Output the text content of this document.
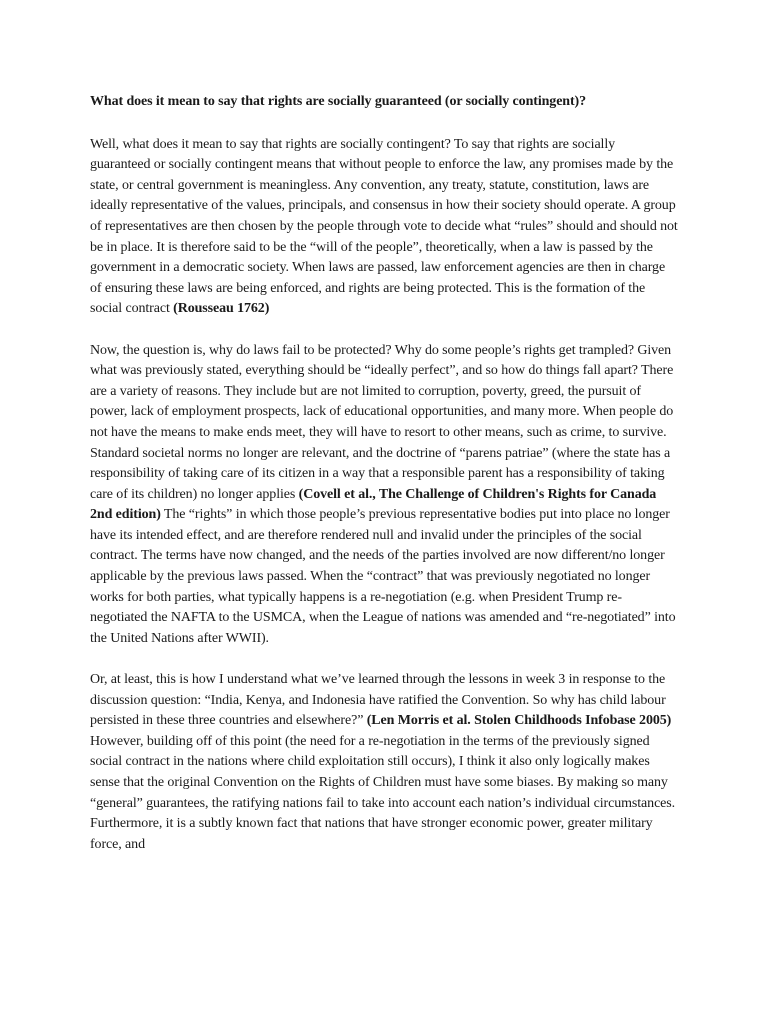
What does it mean to say that rights are socially guaranteed (or socially contingent)?

Well, what does it mean to say that rights are socially contingent? To say that rights are socially guaranteed or socially contingent means that without people to enforce the law, any promises made by the state, or central government is meaningless. Any convention, any treaty, statute, constitution, laws are ideally representative of the values, principals, and consensus in how their society should operate. A group of representatives are then chosen by the people through vote to decide what “rules” should and should not be in place. It is therefore said to be the “will of the people”, theoretically, when a law is passed by the government in a democratic society. When laws are passed, law enforcement agencies are then in charge of ensuring these laws are being enforced, and rights are being protected. This is the formation of the social contract (Rousseau 1762)

Now, the question is, why do laws fail to be protected? Why do some people’s rights get trampled? Given what was previously stated, everything should be “ideally perfect”, and so how do things fall apart? There are a variety of reasons. They include but are not limited to corruption, poverty, greed, the pursuit of power, lack of employment prospects, lack of educational opportunities, and many more. When people do not have the means to make ends meet, they will have to resort to other means, such as crime, to survive. Standard societal norms no longer are relevant, and the doctrine of “parens patriae” (where the state has a responsibility of taking care of its citizen in a way that a responsible parent has a responsibility of taking care of its children) no longer applies (Covell et al., The Challenge of Children's Rights for Canada 2nd edition) The “rights” in which those people’s previous representative bodies put into place no longer have its intended effect, and are therefore rendered null and invalid under the principles of the social contract. The terms have now changed, and the needs of the parties involved are now different/no longer applicable by the previous laws passed. When the “contract” that was previously negotiated no longer works for both parties, what typically happens is a re-negotiation (e.g. when President Trump re-negotiated the NAFTA to the USMCA, when the League of nations was amended and “re-negotiated” into the United Nations after WWII).

Or, at least, this is how I understand what we’ve learned through the lessons in week 3 in response to the discussion question: “India, Kenya, and Indonesia have ratified the Convention. So why has child labour persisted in these three countries and elsewhere?” (Len Morris et al. Stolen Childhoods Infobase 2005) However, building off of this point (the need for a re-negotiation in the terms of the previously signed social contract in the nations where child exploitation still occurs), I think it also only logically makes sense that the original Convention on the Rights of Children must have some biases. By making so many “general” guarantees, the ratifying nations fail to take into account each nation’s individual circumstances. Furthermore, it is a subtly known fact that nations that have stronger economic power, greater military force, and
